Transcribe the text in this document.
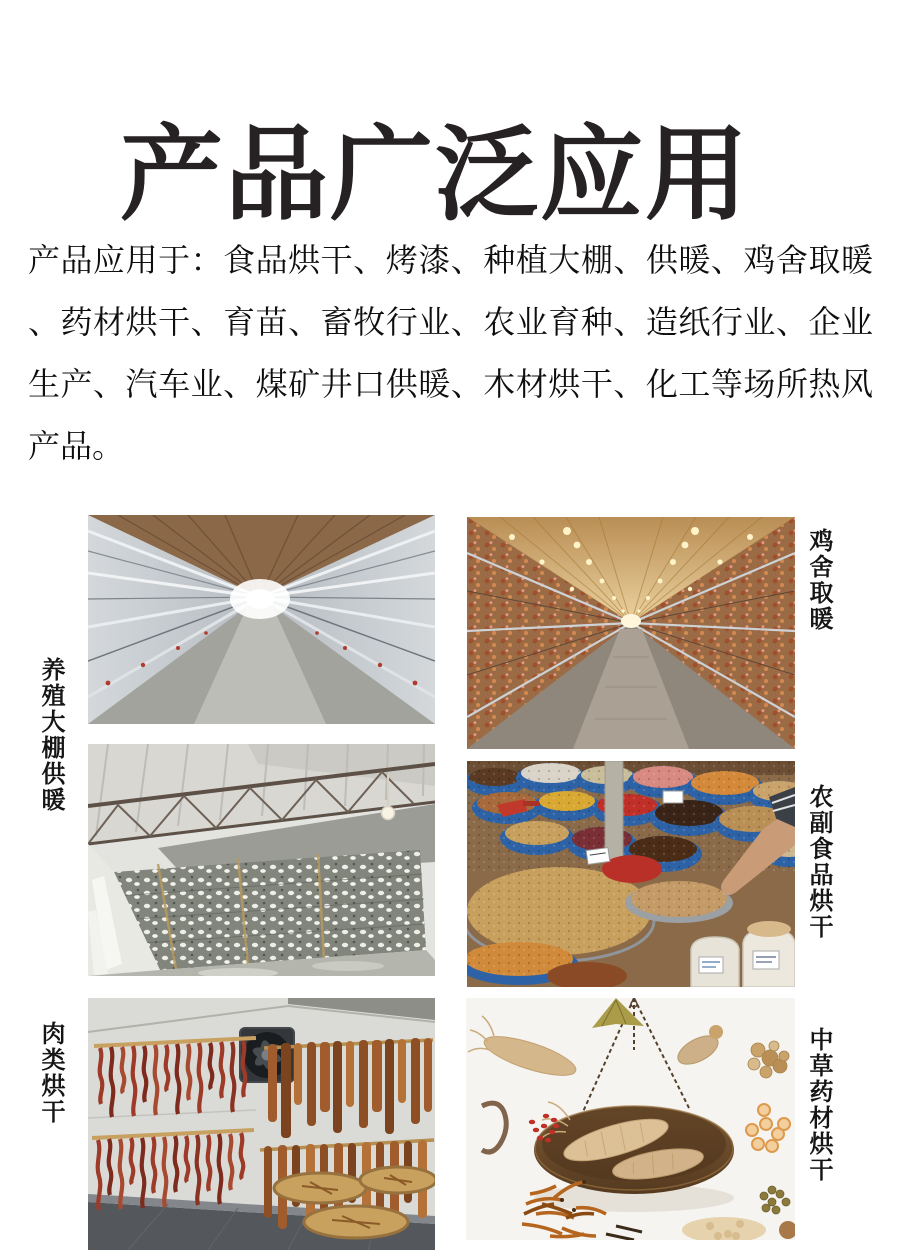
产品广泛应用
产品应用于：食品烘干、烤漆、种植大棚、供暖、鸡舍取暖
、药材烘干、育苗、畜牧行业、农业育种、造纸行业、企业
生产、汽车业、煤矿井口供暖、木材烘干、化工等场所热风
产品。
鸡舍取暖
养殖大棚供暖
农副食品烘干
肉类烘干	中草药材烘干
